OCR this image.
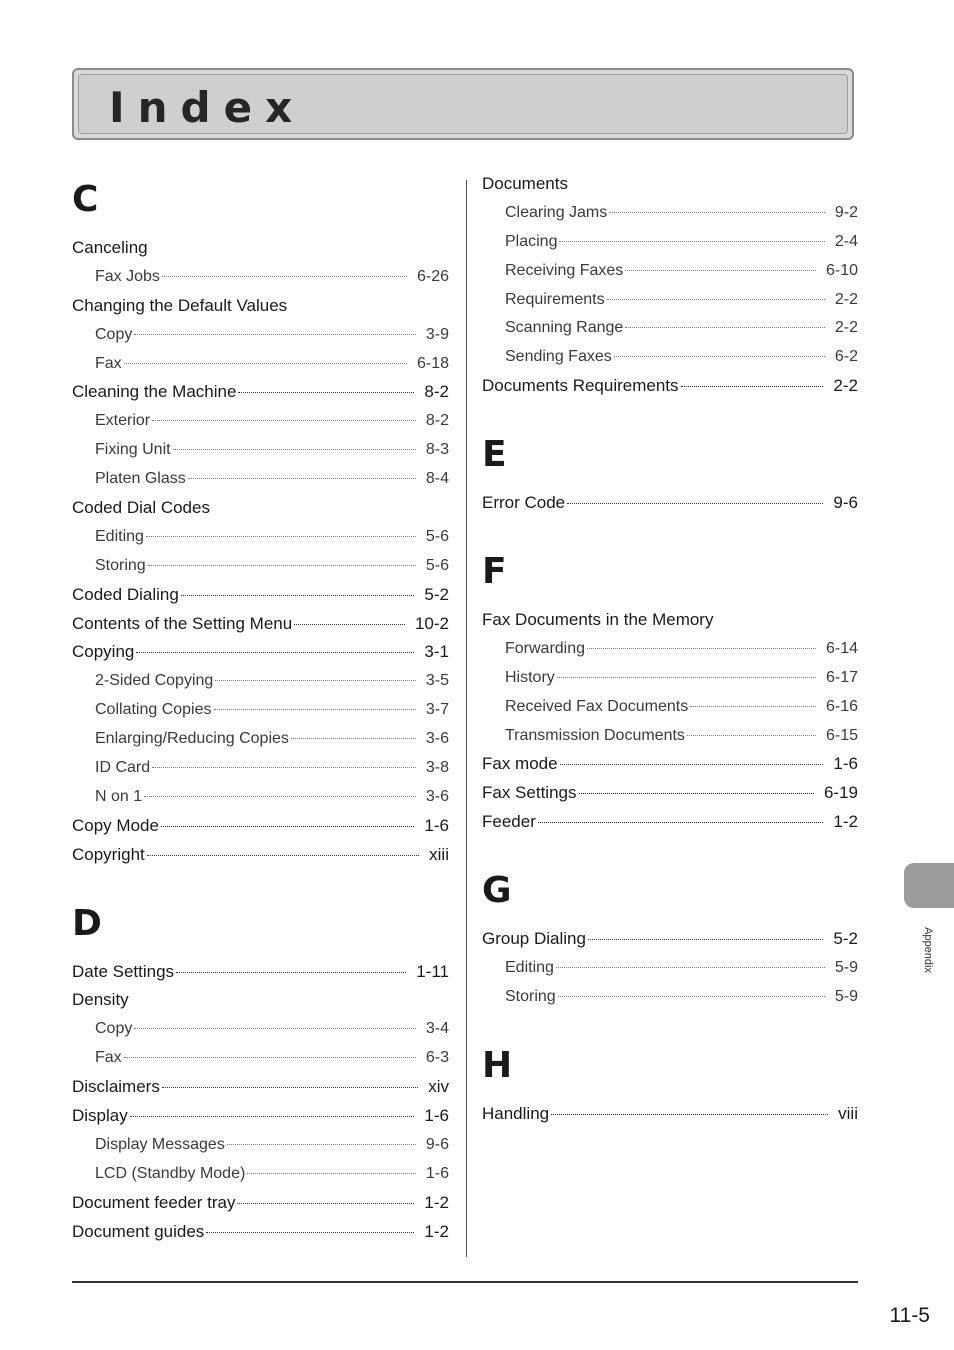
Index
C
Canceling
Fax Jobs	6-26
Changing the Default Values
Copy	3-9
Fax	6-18
Cleaning the Machine	8-2
Exterior	8-2
Fixing Unit	8-3
Platen Glass	8-4
Coded Dial Codes
Editing	5-6
Storing	5-6
Coded Dialing	5-2
Contents of the Setting Menu	10-2
Copying	3-1
2-Sided Copying	3-5
Collating Copies	3-7
Enlarging/Reducing Copies	3-6
ID Card	3-8
N on 1	3-6
Copy Mode	1-6
Copyright	xiii
D
Date Settings	1-11
Density
Copy	3-4
Fax	6-3
Disclaimers	xiv
Display	1-6
Display Messages	9-6
LCD (Standby Mode)	1-6
Document feeder tray	1-2
Document guides	1-2
Documents
Clearing Jams	9-2
Placing	2-4
Receiving Faxes	6-10
Requirements	2-2
Scanning Range	2-2
Sending Faxes	6-2
Documents Requirements	2-2
E
Error Code	9-6
F
Fax Documents in the Memory
Forwarding	6-14
History	6-17
Received Fax Documents	6-16
Transmission Documents	6-15
Fax mode	1-6
Fax Settings	6-19
Feeder	1-2
G
Group Dialing	5-2
Editing	5-9
Storing	5-9
H
Handling	viii
Appendix
11-5
